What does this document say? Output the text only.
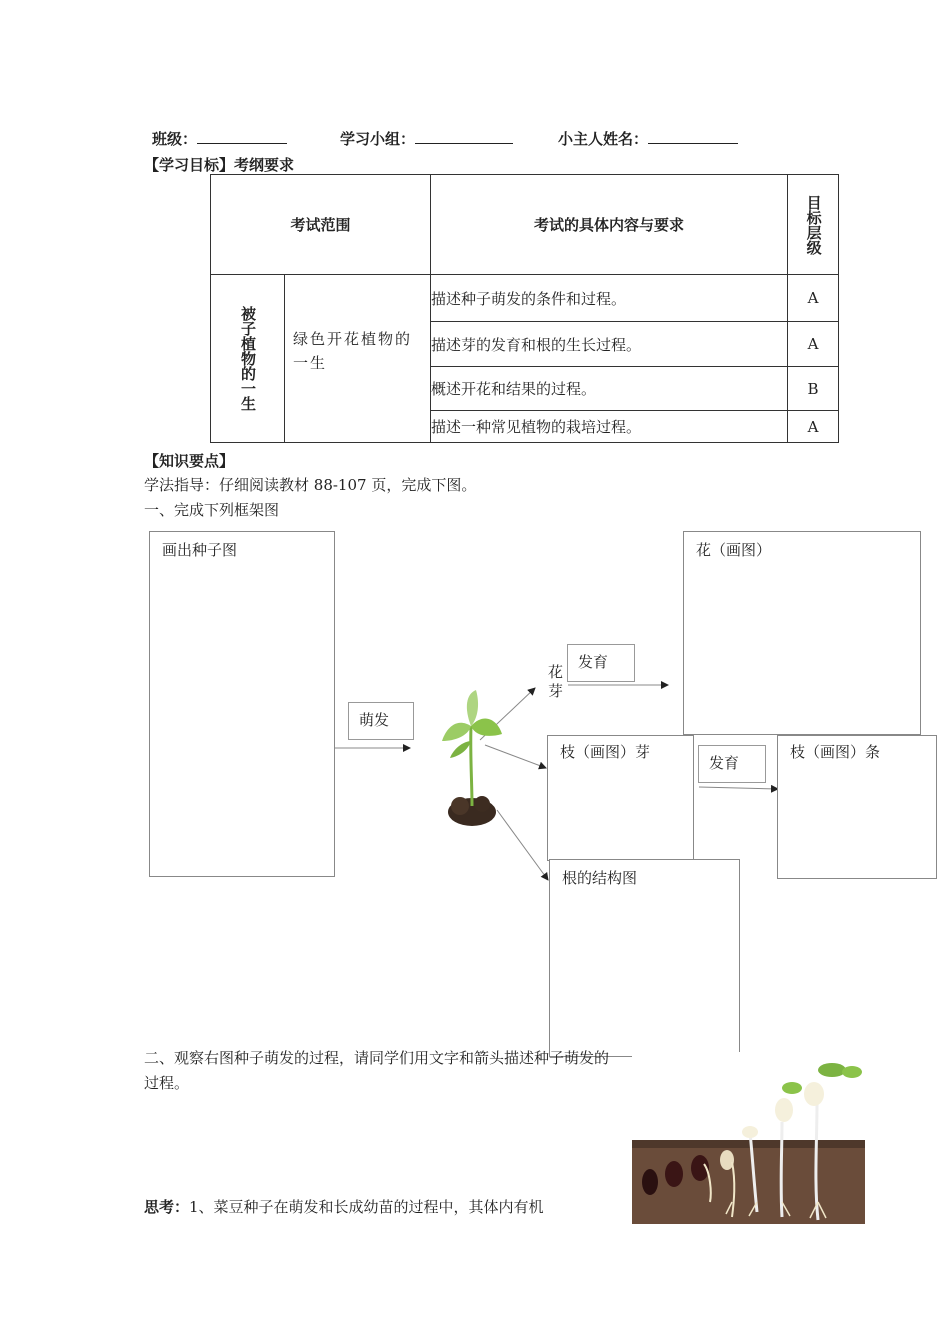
班级：	学习小组：	小主人姓名：
【学习目标】考纲要求
考试范围		考试的具体内容与要求	目标层级

被子植物的一生	绿色开花植物的一生	描述种子萌发的条件和过程。	A
		描述芽的发育和根的生长过程。	A
		概述开花和结果的过程。	B
		描述一种常见植物的栽培过程。	A
【知识要点】
学法指导：仔细阅读教材 88-107 页，完成下图。
一、完成下列框架图
画出种子图
萌发
花芽
发育
花（画图）
枝（画图）芽
发育
枝（画图）条
根的结构图
二、观察右图种子萌发的过程，请同学们用文字和箭头描述种子萌发的过程。
思考：1、菜豆种子在萌发和长成幼苗的过程中，其体内有机
